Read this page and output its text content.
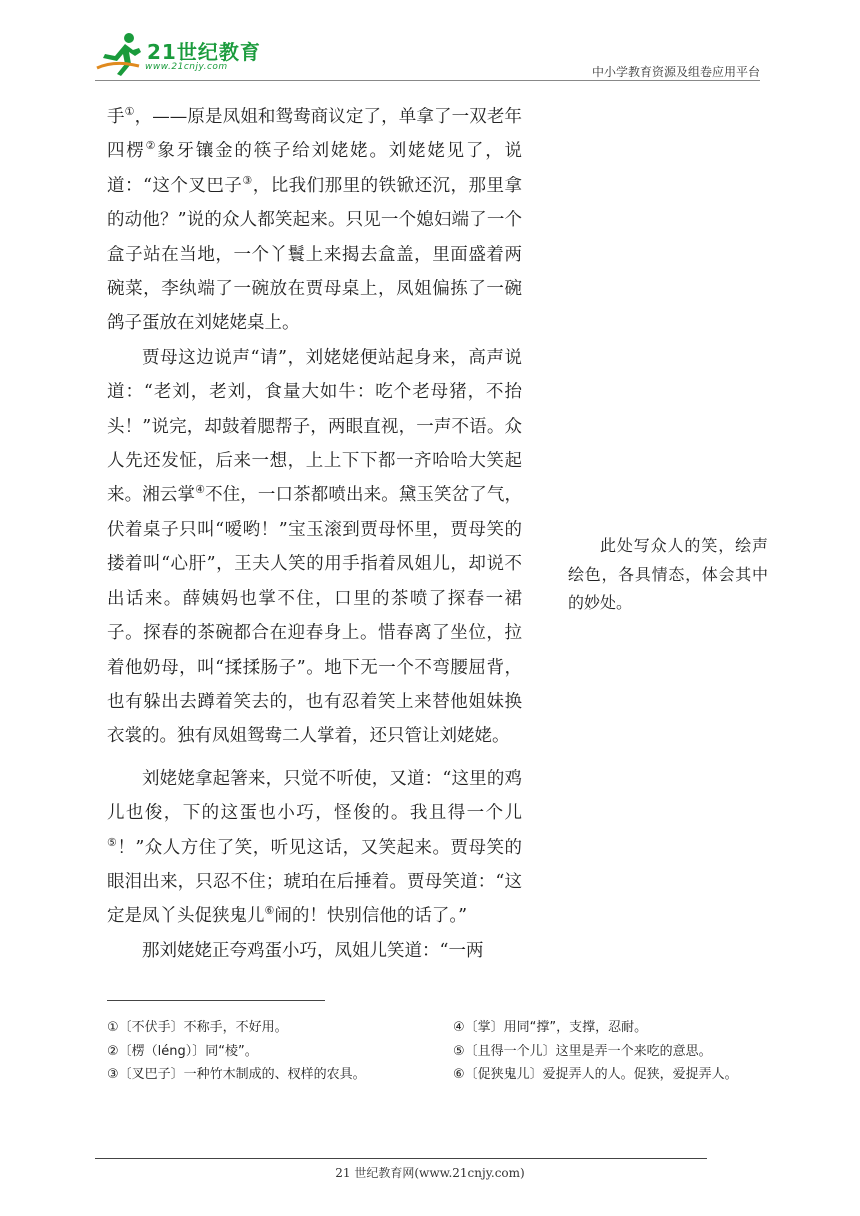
21世纪教育
www.21cnjy.com	中小学教育资源及组卷应用平台

手①，——原是凤姐和鸳鸯商议定了，单拿了一双老年四楞②象牙镶金的筷子给刘姥姥。刘姥姥见了，说道：“这个叉巴子③，比我们那里的铁锨还沉，那里拿的动他？”说的众人都笑起来。只见一个媳妇端了一个盒子站在当地，一个丫鬟上来揭去盒盖，里面盛着两碗菜，李纨端了一碗放在贾母桌上，凤姐偏拣了一碗鸽子蛋放在刘姥姥桌上。

贾母这边说声“请”，刘姥姥便站起身来，高声说道：“老刘，老刘，食量大如牛：吃个老母猪，不抬头！”说完，却鼓着腮帮子，两眼直视，一声不语。众人先还发怔，后来一想，上上下下都一齐哈哈大笑起来。湘云掌④不住，一口茶都喷出来。黛玉笑岔了气，伏着桌子只叫“嗳哟！”宝玉滚到贾母怀里，贾母笑的搂着叫“心肝”，王夫人笑的用手指着凤姐儿，却说不出话来。薛姨妈也掌不住，口里的茶喷了探春一裙子。探春的茶碗都合在迎春身上。惜春离了坐位，拉着他奶母，叫“揉揉肠子”。地下无一个不弯腰屈背，也有躲出去蹲着笑去的，也有忍着笑上来替他姐妹换衣裳的。独有凤姐鸳鸯二人掌着，还只管让刘姥姥。

刘姥姥拿起箸来，只觉不听使，又道：“这里的鸡儿也俊，下的这蛋也小巧，怪俊的。我且得一个儿⑤！”众人方住了笑，听见这话，又笑起来。贾母笑的眼泪出来，只忍不住；琥珀在后捶着。贾母笑道：“这定是凤丫头促狭鬼儿⑥闹的！快别信他的话了。”

那刘姥姥正夸鸡蛋小巧，凤姐儿笑道：“一两

此处写众人的笑，绘声绘色，各具情态，体会其中的妙处。

①〔不伏手〕不称手，不好用。
②〔楞（léng）〕同“棱”。
③〔叉巴子〕一种竹木制成的、杈样的农具。
④〔掌〕用同“撑”，支撑，忍耐。
⑤〔且得一个儿〕这里是弄一个来吃的意思。
⑥〔促狭鬼儿〕爱捉弄人的人。促狭，爱捉弄人。
21 世纪教育网(www.21cnjy.com)
